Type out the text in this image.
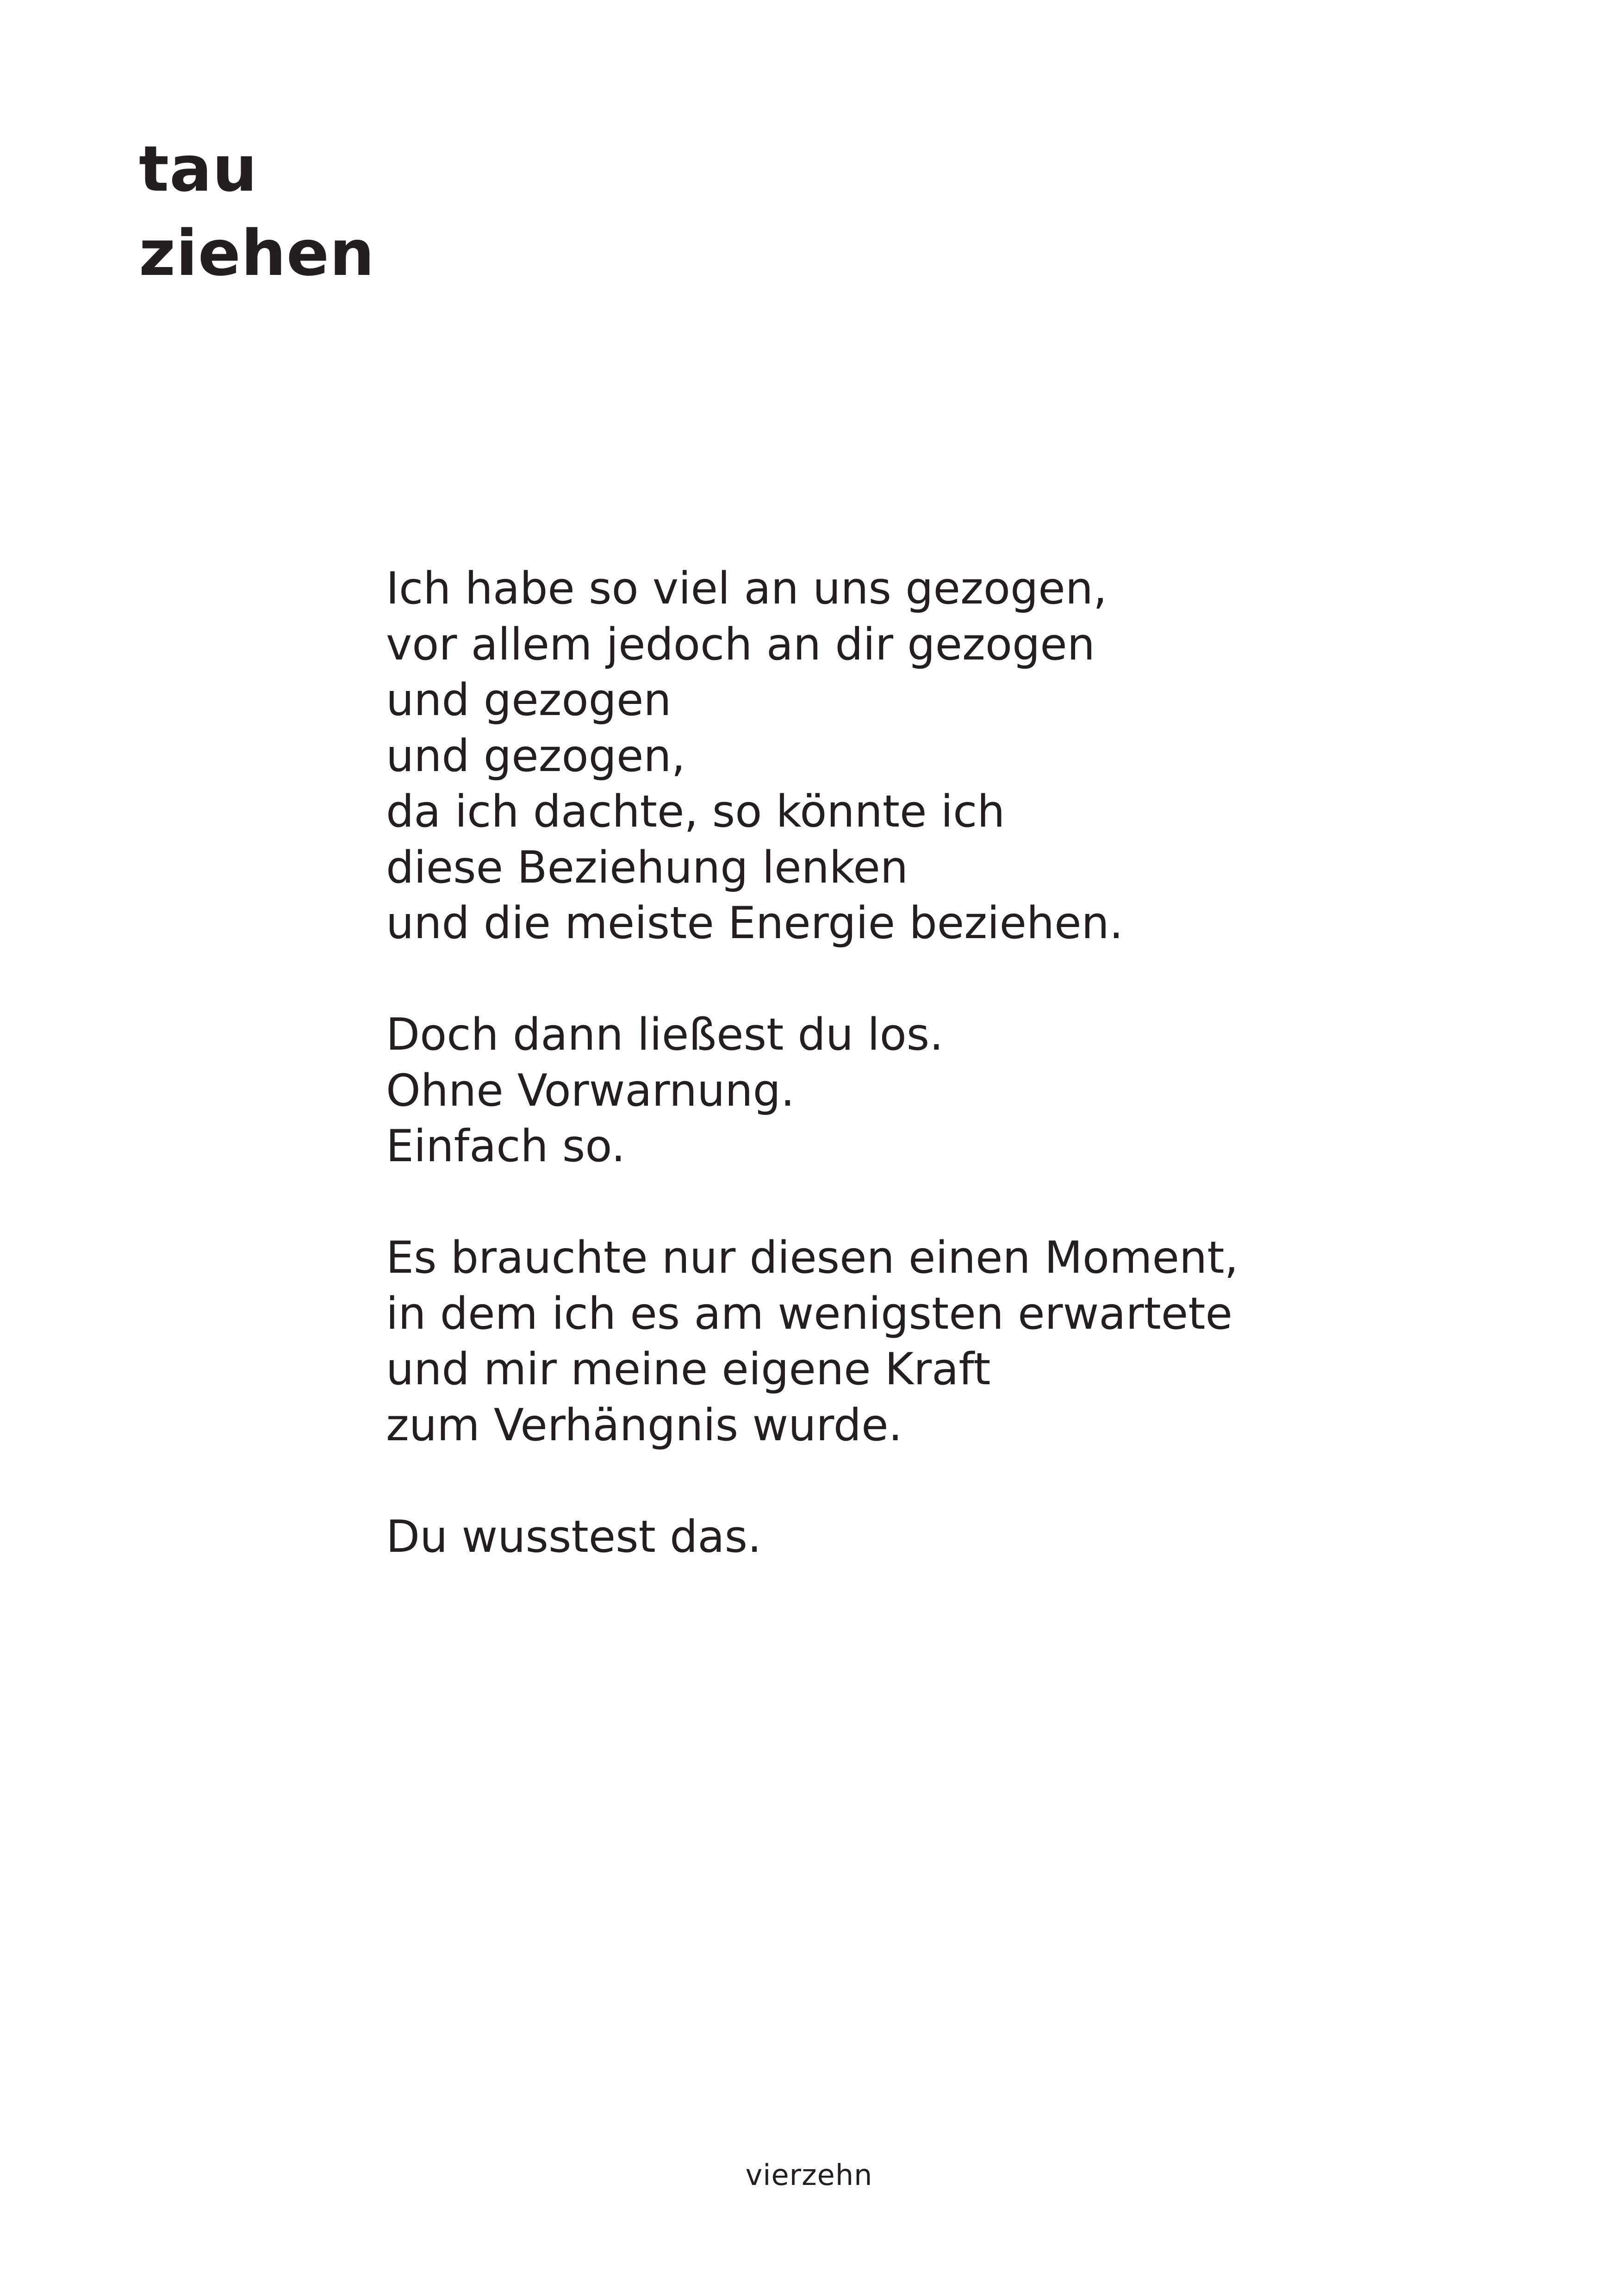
tau
ziehen

Ich habe so viel an uns gezogen,
vor allem jedoch an dir gezogen
und gezogen
und gezogen,
da ich dachte, so könnte ich
diese Beziehung lenken
und die meiste Energie beziehen.

Doch dann ließest du los.
Ohne Vorwarnung.
Einfach so.

Es brauchte nur diesen einen Moment,
in dem ich es am wenigsten erwartete
und mir meine eigene Kraft
zum Verhängnis wurde.

Du wusstest das.

vierzehn
